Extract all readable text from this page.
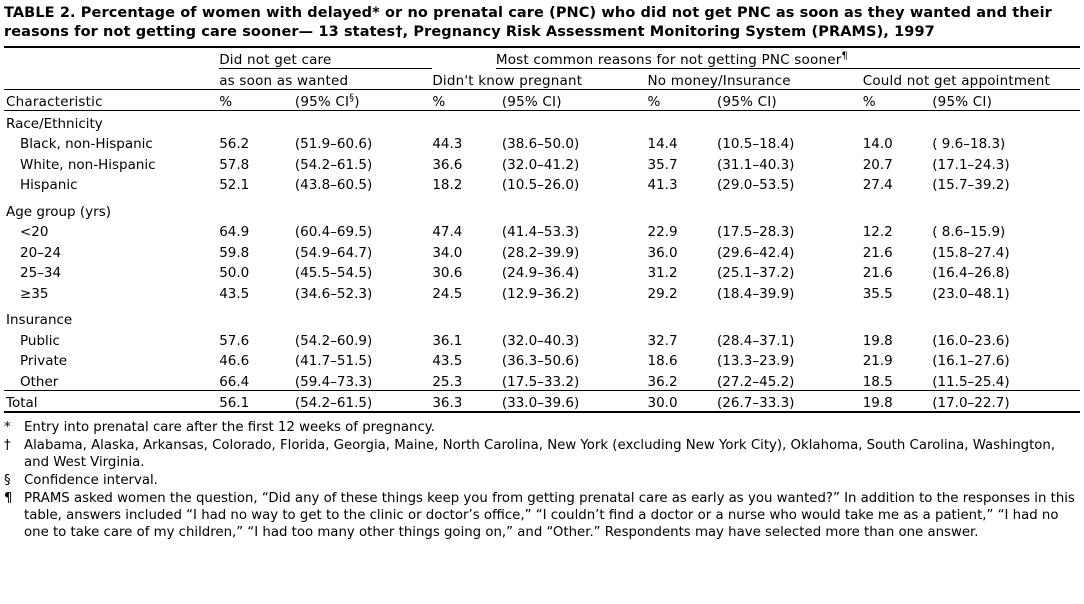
TABLE 2. Percentage of women with delayed* or no prenatal care (PNC) who did not get PNC as soon as they wanted and their reasons for not getting care sooner— 13 states†, Pregnancy Risk Assessment Monitoring System (PRAMS), 1997
	Did not get care			Most common reasons for not getting PNC sooner¶
	as soon as wanted		Didn't know pregnant		No money/Insurance		Could not get appointment	
Characteristic	%	(95% CI§)	%	(95% CI)	%	(95% CI)	%	(95% CI)
Race/Ethnicity								
Black, non-Hispanic	56.2	(51.9–60.6)	44.3	(38.6–50.0)	14.4	(10.5–18.4)	14.0	( 9.6–18.3)
White, non-Hispanic	57.8	(54.2–61.5)	36.6	(32.0–41.2)	35.7	(31.1–40.3)	20.7	(17.1–24.3)
Hispanic	52.1	(43.8–60.5)	18.2	(10.5–26.0)	41.3	(29.0–53.5)	27.4	(15.7–39.2)
Age group (yrs)								
<20	64.9	(60.4–69.5)	47.4	(41.4–53.3)	22.9	(17.5–28.3)	12.2	( 8.6–15.9)
20–24	59.8	(54.9–64.7)	34.0	(28.2–39.9)	36.0	(29.6–42.4)	21.6	(15.8–27.4)
25–34	50.0	(45.5–54.5)	30.6	(24.9–36.4)	31.2	(25.1–37.2)	21.6	(16.4–26.8)
≥35	43.5	(34.6–52.3)	24.5	(12.9–36.2)	29.2	(18.4–39.9)	35.5	(23.0–48.1)
Insurance								
Public	57.6	(54.2–60.9)	36.1	(32.0–40.3)	32.7	(28.4–37.1)	19.8	(16.0–23.6)
Private	46.6	(41.7–51.5)	43.5	(36.3–50.6)	18.6	(13.3–23.9)	21.9	(16.1–27.6)
Other	66.4	(59.4–73.3)	25.3	(17.5–33.2)	36.2	(27.2–45.2)	18.5	(11.5–25.4)
Total	56.1	(54.2–61.5)	36.3	(33.0–39.6)	30.0	(26.7–33.3)	19.8	(17.0–22.7)
*	Entry into prenatal care after the first 12 weeks of pregnancy.
†	Alabama, Alaska, Arkansas, Colorado, Florida, Georgia, Maine, North Carolina, New York (excluding New York City), Oklahoma, South Carolina, Washington, and West Virginia.
§	Confidence interval.
¶ PRAMS asked women the question, “Did any of these things keep you from getting prenatal care as early as you wanted?” In addition to the responses in this table, answers included “I had no way to get to the clinic or doctor’s office,” “I couldn’t find a doctor or a nurse who would take me as a patient,” “I had no one to take care of my children,” “I had too many other things going on,” and “Other.” Respondents may have selected more than one answer.
